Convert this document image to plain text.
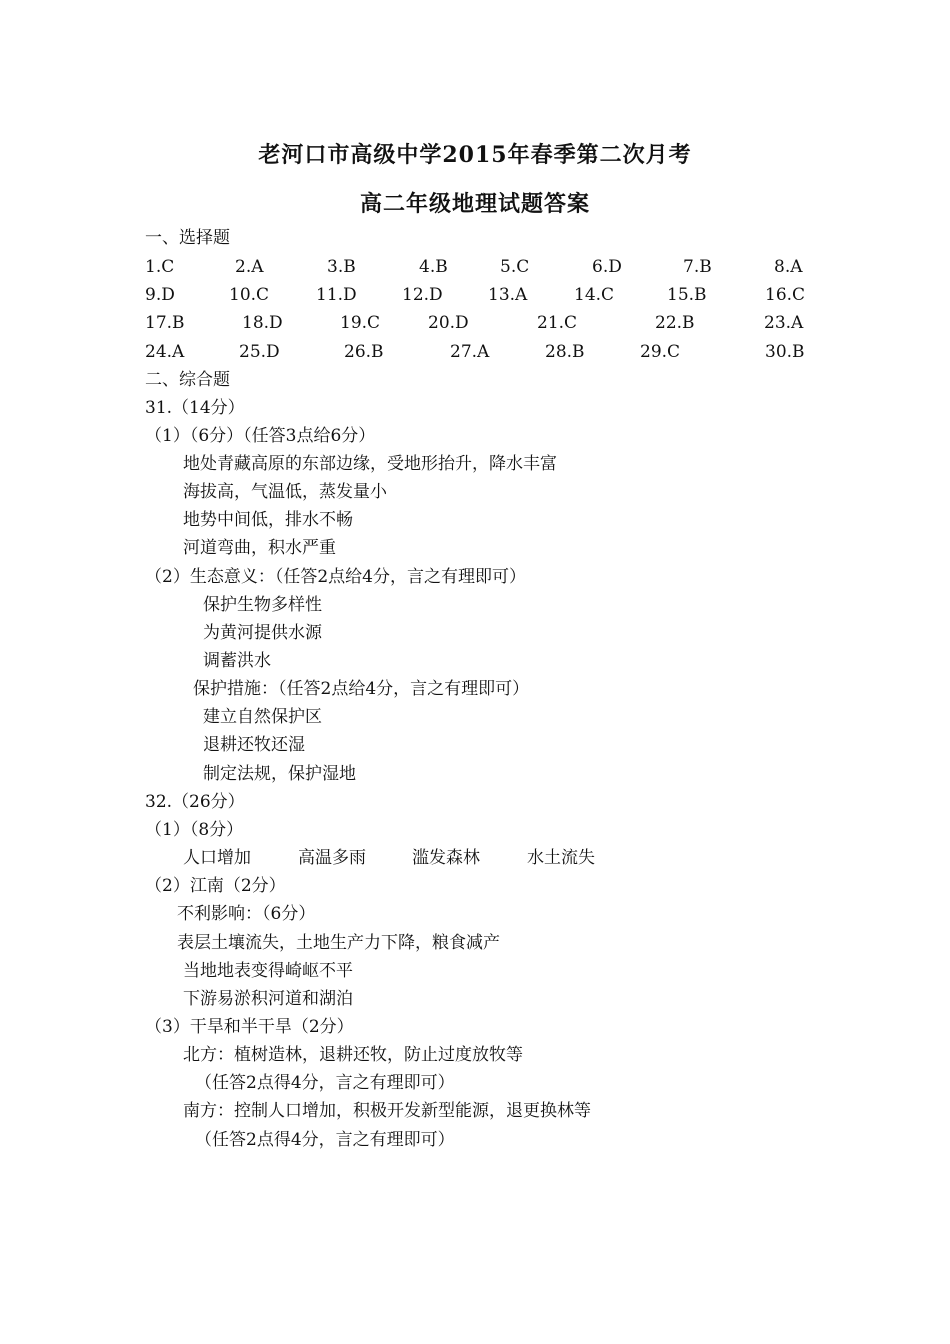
老河口市高级中学2015年春季第二次月考
高二年级地理试题答案
一、选择题
1.C	2.A	3.B	4.B	5.C	6.D	7.B	8.A
9.D	10.C	11.D	12.D	13.A	14.C	15.B	16.C
17.B	18.D	19.C	20.D	21.C	22.B	23.A
24.A	25.D	26.B	27.A	28.B	29.C	30.B
二、综合题
31.（14分）
（1）（6分）（任答3点给6分）
地处青藏高原的东部边缘，受地形抬升，降水丰富
海拔高，气温低，蒸发量小
地势中间低，排水不畅
河道弯曲，积水严重
（2）生态意义：（任答2点给4分，言之有理即可）
保护生物多样性
为黄河提供水源
调蓄洪水
保护措施：（任答2点给4分，言之有理即可）
建立自然保护区
退耕还牧还湿
制定法规，保护湿地
32.（26分）
（1）（8分）
人口增加	高温多雨	滥发森林	水土流失
（2）江南（2分）
不利影响：（6分）
表层土壤流失，土地生产力下降，粮食减产
当地地表变得崎岖不平
下游易淤积河道和湖泊
（3）干旱和半干旱（2分）
北方：植树造林，退耕还牧，防止过度放牧等
（任答2点得4分，言之有理即可）
南方：控制人口增加，积极开发新型能源，退更换林等
（任答2点得4分，言之有理即可）
